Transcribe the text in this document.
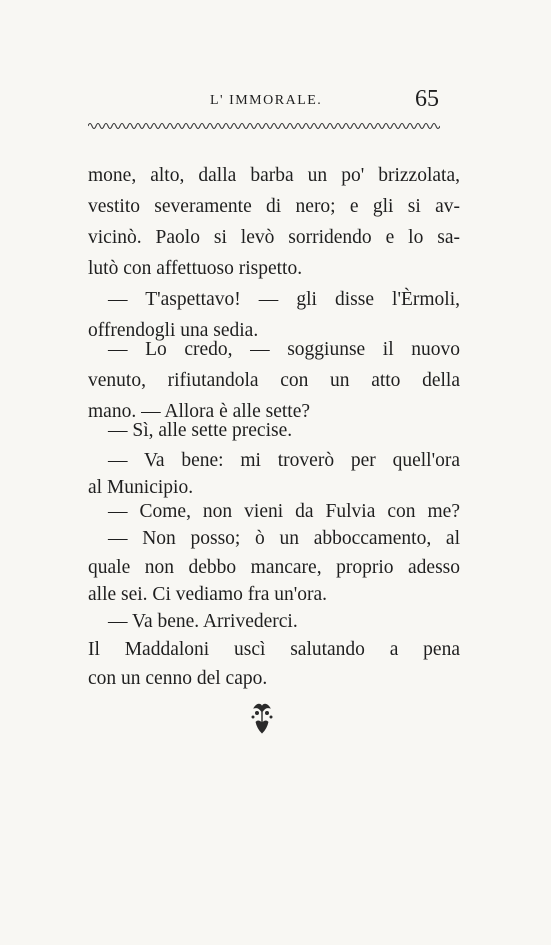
L' IMMORALE.	65
mone, alto, dalla barba un po' brizzolata,
vestito severamente di nero; e gli si av-
vicinò. Paolo si levò sorridendo e lo sa-
lutò con affettuoso rispetto.
— T'aspettavo! — gli disse l'Èrmoli,
offrendogli una sedia.
— Lo credo, — soggiunse il nuovo
venuto, rifiutandola con un atto della
mano. — Allora è alle sette?
— Sì, alle sette precise.
— Va bene: mi troverò per quell'ora
al Municipio.
— Come, non vieni da Fulvia con me?
— Non posso; ò un abboccamento, al
quale non debbo mancare, proprio adesso
alle sei. Ci vediamo fra un'ora.
— Va bene. Arrivederci.
Il Maddaloni uscì salutando a pena
con un cenno del capo.
